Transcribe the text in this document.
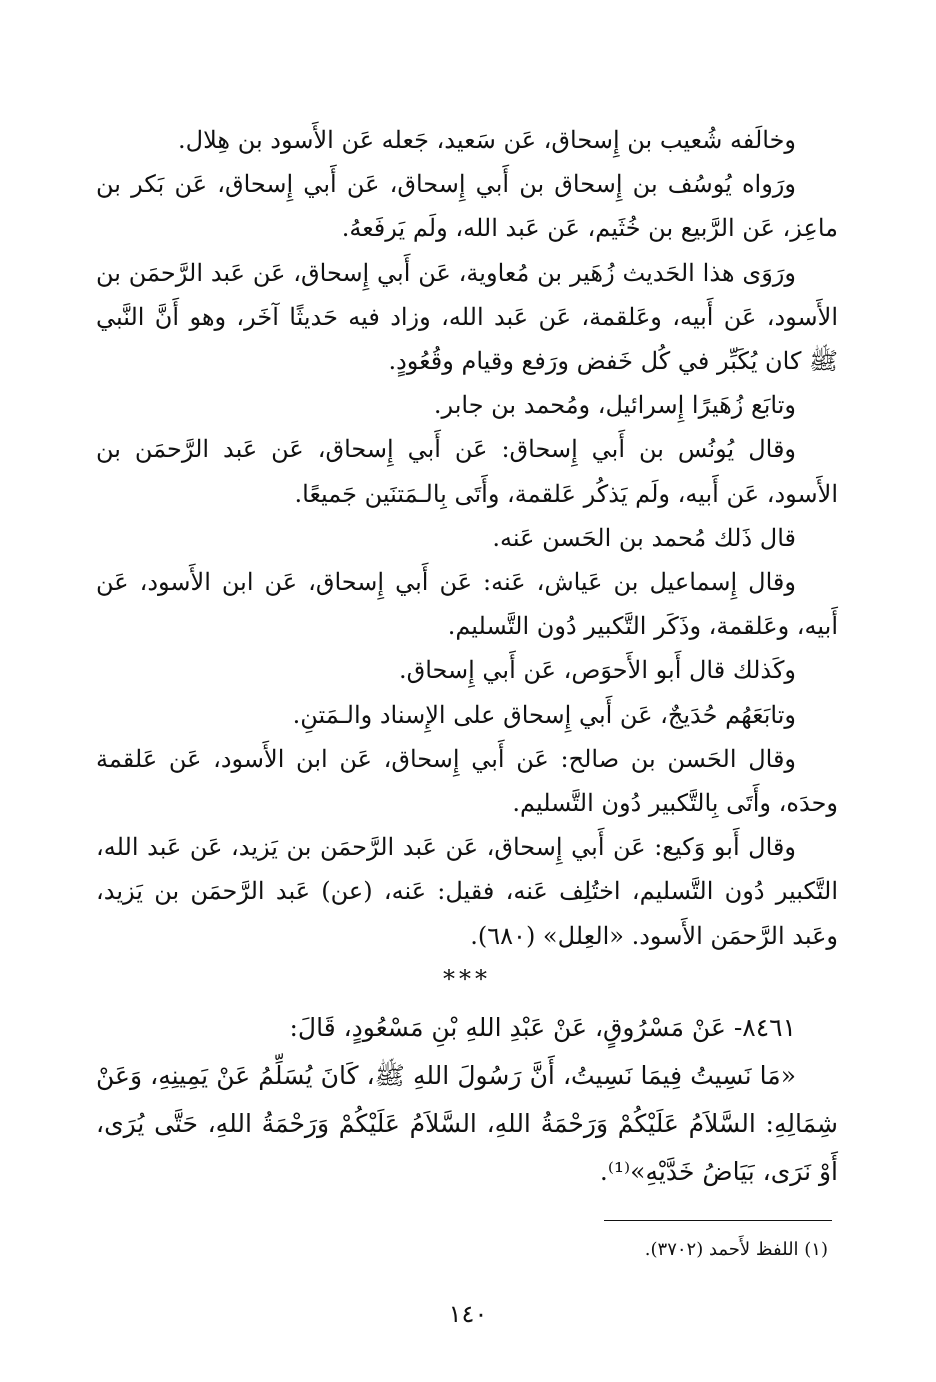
وخالَفه شُعيب بن إِسحاق، عَن سَعيد، جَعله عَن الأَسود بن هِلال.

ورَواه يُوسُف بن إِسحاق بن أَبي إِسحاق، عَن أَبي إِسحاق، عَن بَكر بن ماعِز، عَن الرَّبيع بن خُثَيم، عَن عَبد الله، ولَم يَرفَعهُ.

ورَوَى هذا الحَديث زُهَير بن مُعاوية، عَن أَبي إِسحاق، عَن عَبد الرَّحمَن بن الأَسود، عَن أَبيه، وعَلقمة، عَن عَبد الله، وزاد فيه حَديثًا آخَر، وهو أَنَّ النَّبي ﷺ كان يُكَبِّر في كُل خَفض ورَفع وقيام وقُعُودٍ.

وتابَع زُهَيرًا إِسرائيل، ومُحمد بن جابر.

وقال يُونُس بن أَبي إِسحاق: عَن أَبي إِسحاق، عَن عَبد الرَّحمَن بن الأَسود، عَن أَبيه، ولَم يَذكُر عَلقمة، وأَتَى بِالـمَتنَين جَميعًا.

قال ذَلك مُحمد بن الحَسن عَنه.

وقال إِسماعيل بن عَياش، عَنه: عَن أَبي إِسحاق، عَن ابن الأَسود، عَن أَبيه، وعَلقمة، وذَكَر التَّكبير دُون التَّسليم.

وكَذلك قال أَبو الأَحوَص، عَن أَبي إِسحاق.

وتابَعَهُم حُدَيجٌ، عَن أَبي إِسحاق على الإِسناد والـمَتنِ.

وقال الحَسن بن صالح: عَن أَبي إِسحاق، عَن ابن الأَسود، عَن عَلقمة وحدَه، وأَتَى بِالتَّكبير دُون التَّسليم.

وقال أَبو وَكيع: عَن أَبي إِسحاق، عَن عَبد الرَّحمَن بن يَزيد، عَن عَبد الله، التَّكبير دُون التَّسليم، اختُلِف عَنه، فقيل: عَنه، (عن) عَبد الرَّحمَن بن يَزيد، وعَبد الرَّحمَن الأَسود. «العِلل» (٦٨٠).

***

٨٤٦١- عَنْ مَسْرُوقٍ، عَنْ عَبْدِ اللهِ بْنِ مَسْعُودٍ، قَالَ:

«مَا نَسِيتُ فِيمَا نَسِيتُ، أَنَّ رَسُولَ اللهِ ﷺ، كَانَ يُسَلِّمُ عَنْ يَمِينِهِ، وَعَنْ شِمَالِهِ: السَّلاَمُ عَلَيْكُمْ وَرَحْمَةُ اللهِ، السَّلاَمُ عَلَيْكُمْ وَرَحْمَةُ اللهِ، حَتَّى يُرَى، أَوْ نَرَى، بَيَاضُ خَدَّيْهِ»⁽¹⁾.

(١) اللفظ لأَحمد (٣٧٠٢).

١٤٠
